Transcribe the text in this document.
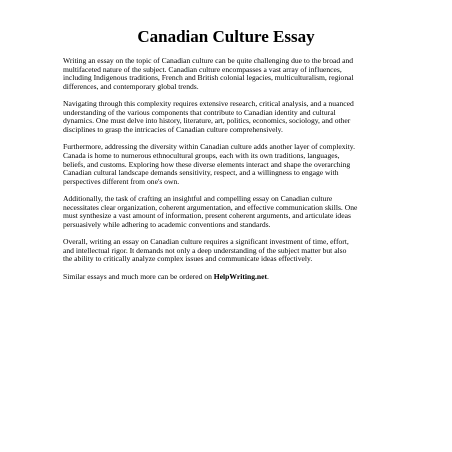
Canadian Culture Essay

Writing an essay on the topic of Canadian culture can be quite challenging due to the broad and
multifaceted nature of the subject. Canadian culture encompasses a vast array of influences,
including Indigenous traditions, French and British colonial legacies, multiculturalism, regional
differences, and contemporary global trends.

Navigating through this complexity requires extensive research, critical analysis, and a nuanced
understanding of the various components that contribute to Canadian identity and cultural
dynamics. One must delve into history, literature, art, politics, economics, sociology, and other
disciplines to grasp the intricacies of Canadian culture comprehensively.

Furthermore, addressing the diversity within Canadian culture adds another layer of complexity.
Canada is home to numerous ethnocultural groups, each with its own traditions, languages,
beliefs, and customs. Exploring how these diverse elements interact and shape the overarching
Canadian cultural landscape demands sensitivity, respect, and a willingness to engage with
perspectives different from one's own.

Additionally, the task of crafting an insightful and compelling essay on Canadian culture
necessitates clear organization, coherent argumentation, and effective communication skills. One
must synthesize a vast amount of information, present coherent arguments, and articulate ideas
persuasively while adhering to academic conventions and standards.

Overall, writing an essay on Canadian culture requires a significant investment of time, effort,
and intellectual rigor. It demands not only a deep understanding of the subject matter but also
the ability to critically analyze complex issues and communicate ideas effectively.

Similar essays and much more can be ordered on HelpWriting.net.
